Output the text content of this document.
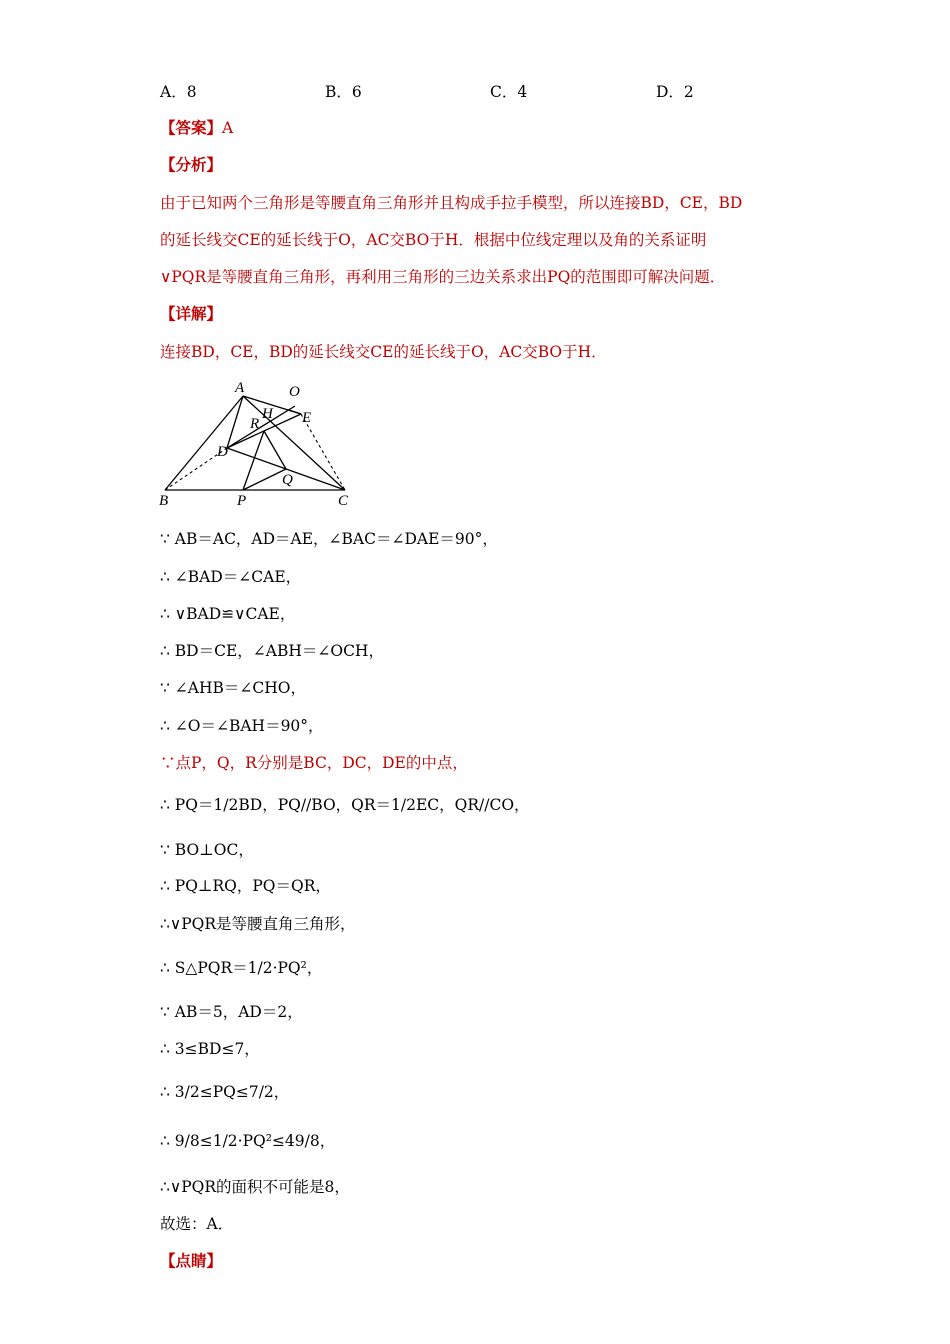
A．8	B．6	C．4	D．2
【答案】A
【分析】
由于已知两个三角形是等腰直角三角形并且构成手拉手模型，所以连接BD，CE，BD
的延长线交CE的延长线于O，AC交BO于H．根据中位线定理以及角的关系证明
∨PQR是等腰直角三角形，再利用三角形的三边关系求出PQ的范围即可解决问题．
【详解】
连接BD，CE，BD的延长线交CE的延长线于O，AC交BO于H．
A	O
H
R	E
D
Q
B	P	C
∵ AB＝AC，AD＝AE，∠BAC＝∠DAE＝90°，
∴ ∠BAD＝∠CAE，
∴ ∨BAD≌∨CAE，
∴ BD＝CE，∠ABH＝∠OCH，
∵ ∠AHB＝∠CHO，
∴ ∠O＝∠BAH＝90°，
∵点P，Q，R分别是BC，DC，DE的中点，
∴ PQ＝1/2BD，PQ//BO，QR＝1/2EC，QR//CO，
∵ BO⊥OC，
∴ PQ⊥RQ，PQ＝QR，
∴∨PQR是等腰直角三角形，
∴ S△PQR＝1/2·PQ²，
∵ AB＝5，AD＝2，
∴ 3≤BD≤7，
∴ 3/2≤PQ≤7/2，
∴ 9/8≤1/2·PQ²≤49/8，
∴∨PQR的面积不可能是8，
故选：A．
【点睛】
